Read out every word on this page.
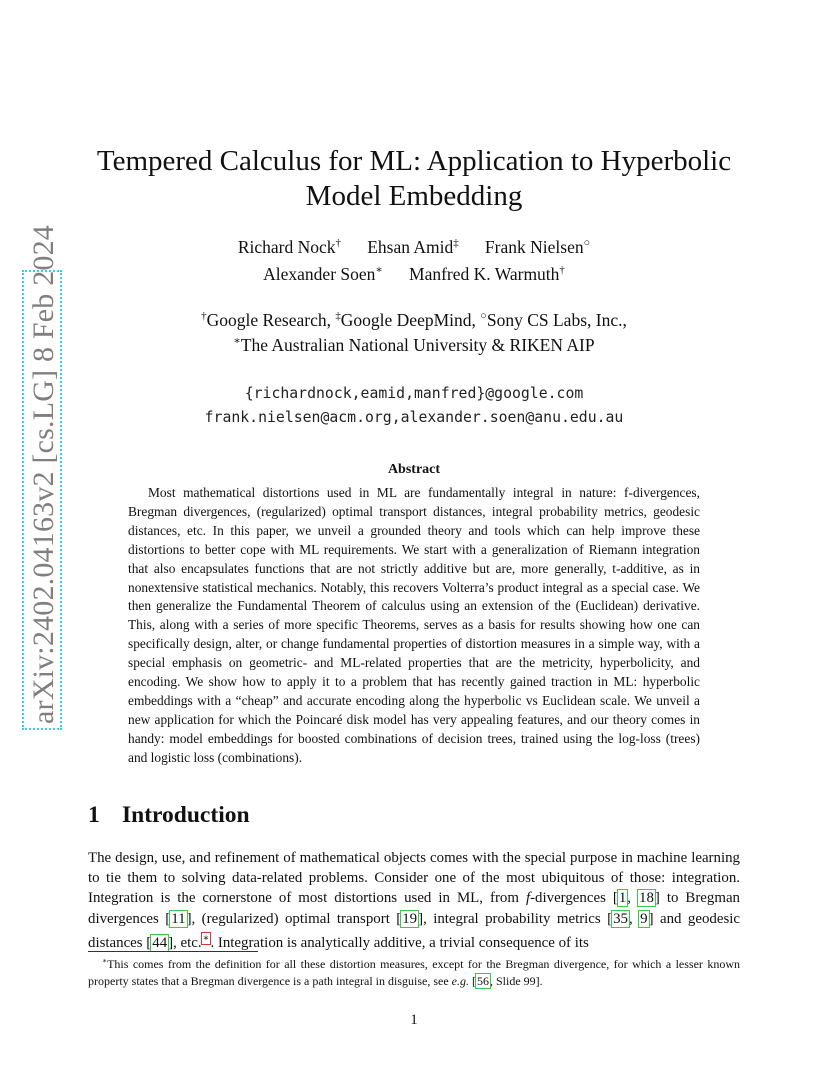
arXiv:2402.04163v2 [cs.LG] 8 Feb 2024
Tempered Calculus for ML: Application to Hyperbolic
Model Embedding
Richard Nock† Ehsan Amid‡ Frank Nielsen○
Alexander Soen∗ Manfred K. Warmuth†
†Google Research, ‡Google DeepMind, ○Sony CS Labs, Inc.,
∗The Australian National University & RIKEN AIP
{richardnock,eamid,manfred}@google.com
frank.nielsen@acm.org,alexander.soen@anu.edu.au
Abstract

Most mathematical distortions used in ML are fundamentally integral in nature: f-divergences, Bregman divergences, (regularized) optimal transport distances, integral probability metrics, geodesic distances, etc. In this paper, we unveil a grounded theory and tools which can help improve these distortions to better cope with ML requirements. We start with a generalization of Riemann integration that also encapsulates functions that are not strictly additive but are, more generally, t-additive, as in nonextensive statistical mechanics. Notably, this recovers Volterra’s product integral as a special case. We then generalize the Fundamental Theorem of calculus using an extension of the (Euclidean) derivative. This, along with a series of more specific Theorems, serves as a basis for results showing how one can specifically design, alter, or change fundamental properties of distortion measures in a simple way, with a special emphasis on geometric- and ML-related properties that are the metricity, hyperbolicity, and encoding. We show how to apply it to a problem that has recently gained traction in ML: hyperbolic embeddings with a “cheap” and accurate encoding along the hyperbolic vs Euclidean scale. We unveil a new application for which the Poincaré disk model has very appealing features, and our theory comes in handy: model embeddings for boosted combinations of decision trees, trained using the log-loss (trees) and logistic loss (combinations).

1 Introduction

The design, use, and refinement of mathematical objects comes with the special purpose in machine learning to tie them to solving data-related problems. Consider one of the most ubiquitous of those: integration. Integration is the cornerstone of most distortions used in ML, from f-divergences [1, 18] to Bregman divergences [11], (regularized) optimal transport [19], integral probability metrics [35, 9] and geodesic distances [44], etc.∗. Integration is analytically additive, a trivial consequence of its

∗This comes from the definition for all these distortion measures, except for the Bregman divergence, for which a lesser known property states that a Bregman divergence is a path integral in disguise, see e.g. [56, Slide 99].

1
